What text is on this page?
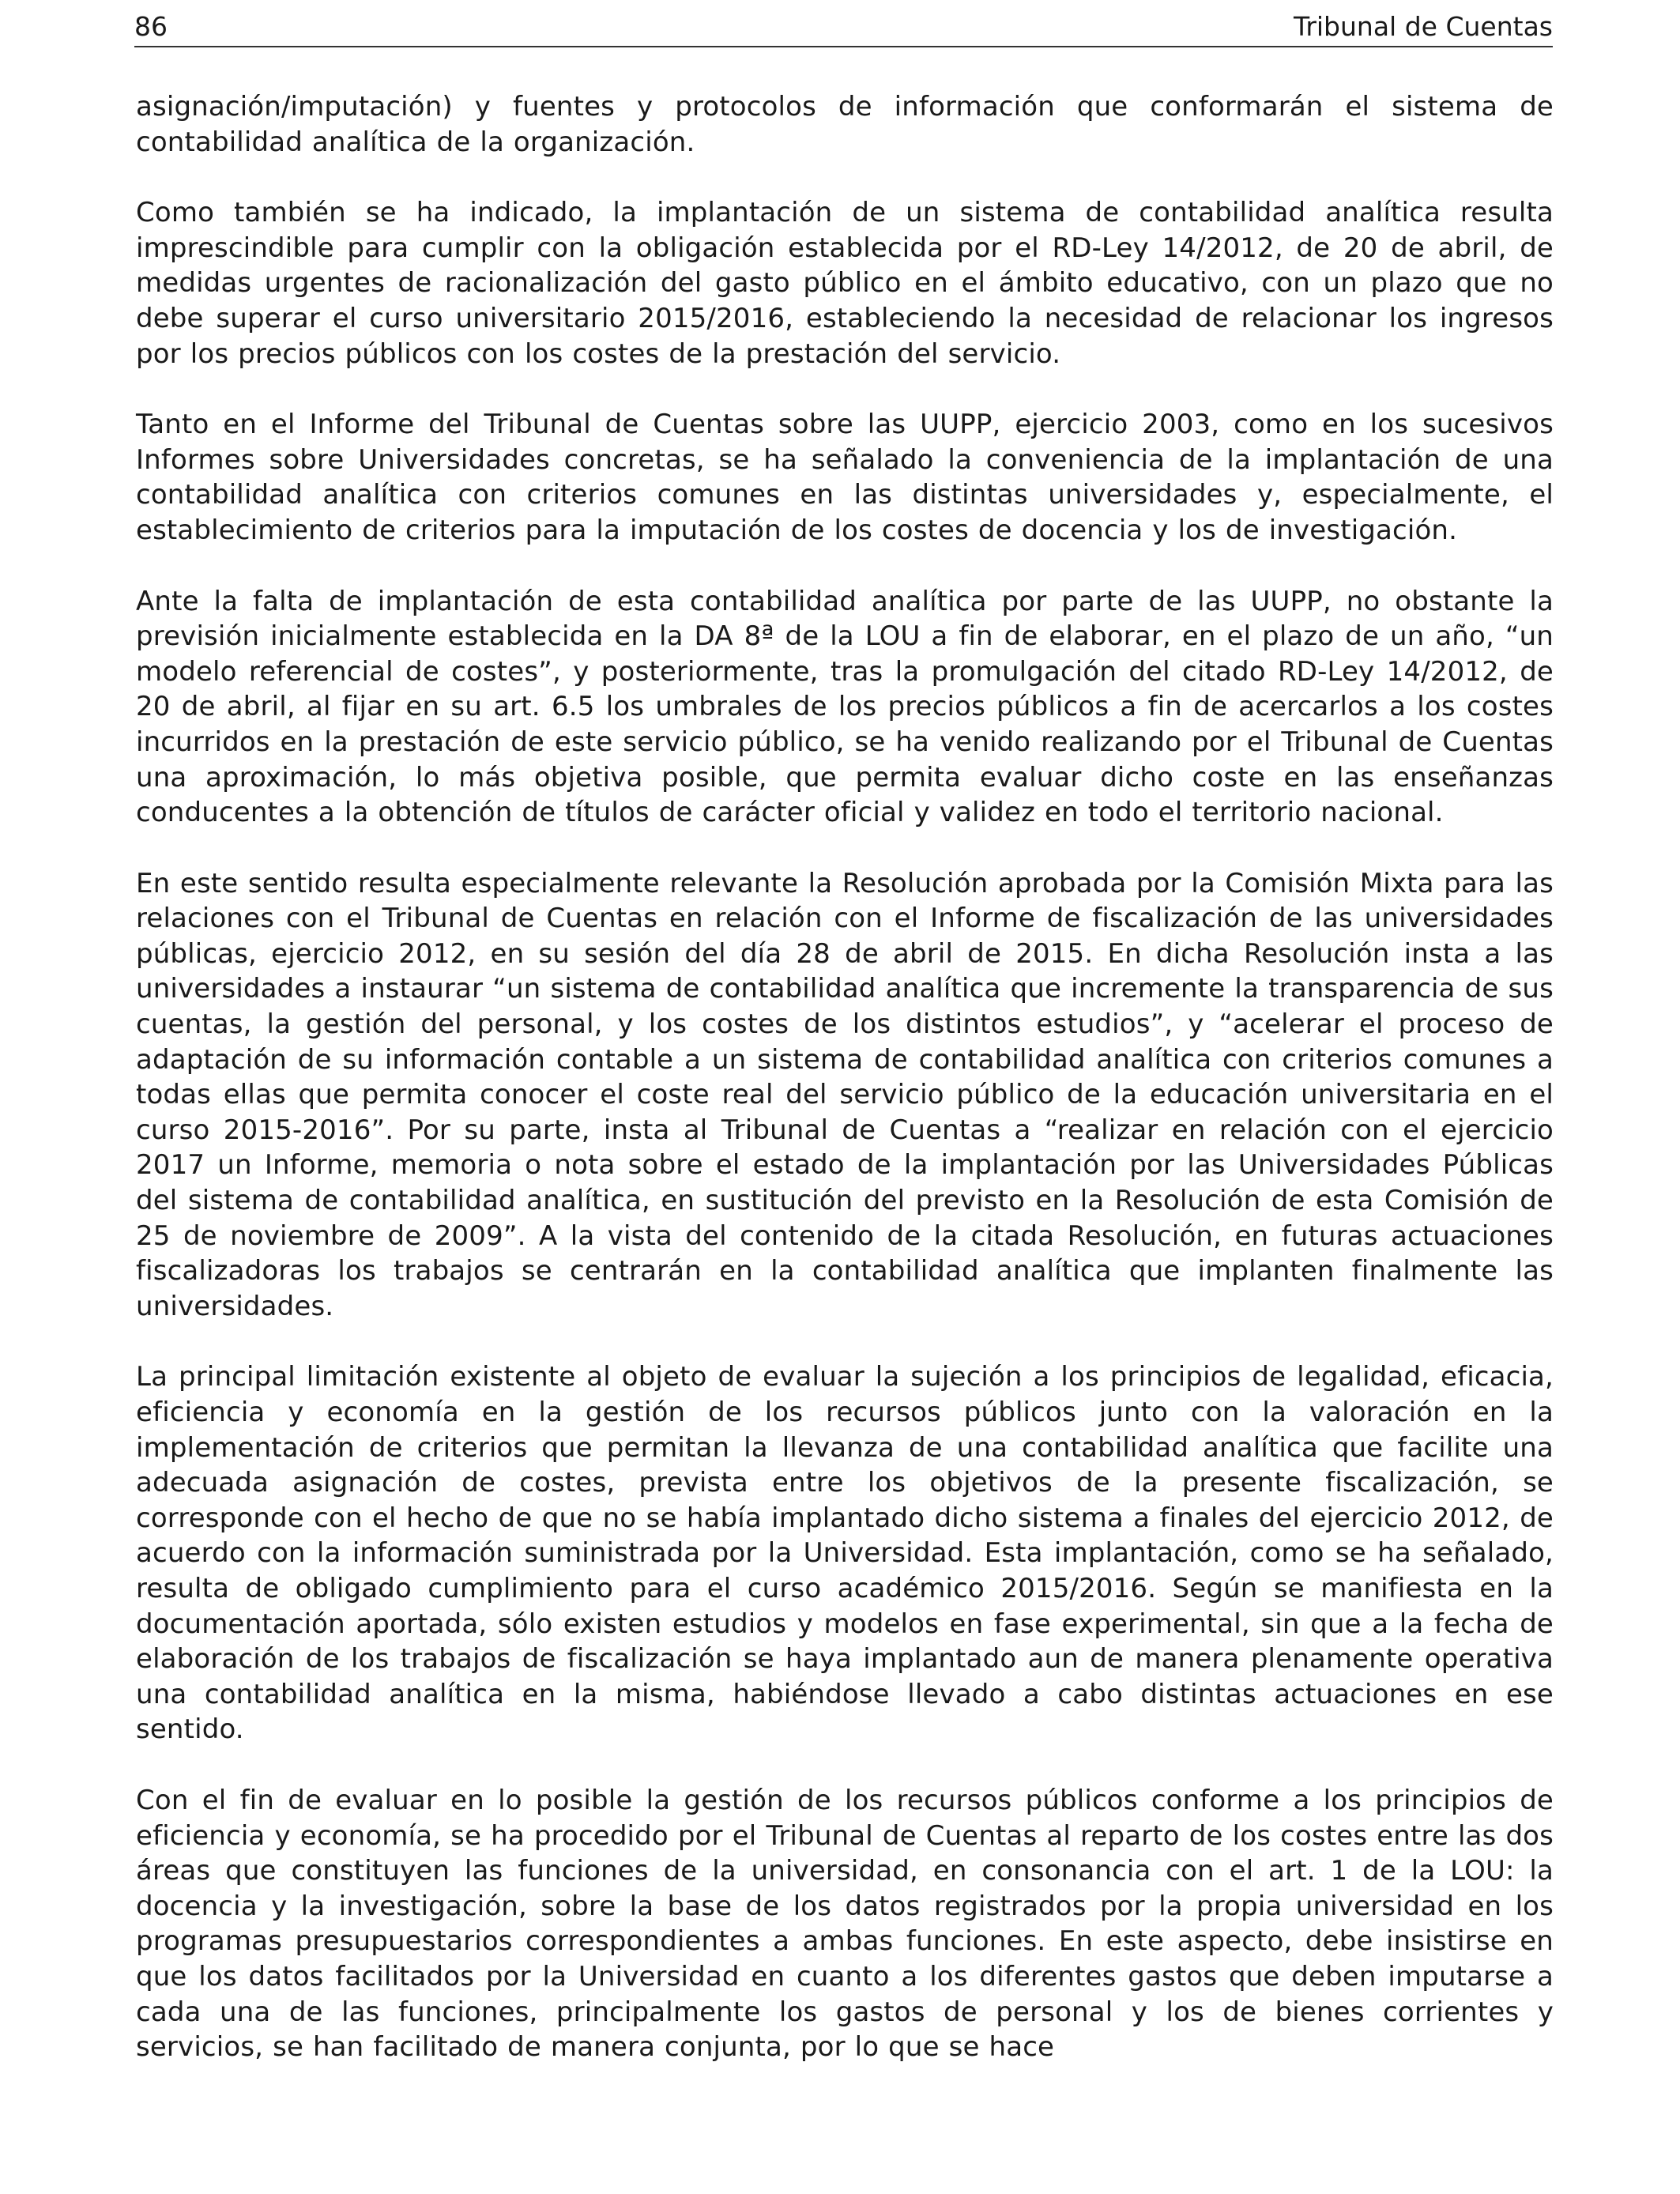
86	Tribunal de Cuentas

asignación/imputación) y fuentes y protocolos de información que conformarán el sistema de contabilidad analítica de la organización.

Como también se ha indicado, la implantación de un sistema de contabilidad analítica resulta imprescindible para cumplir con la obligación establecida por el RD-Ley 14/2012, de 20 de abril, de medidas urgentes de racionalización del gasto público en el ámbito educativo, con un plazo que no debe superar el curso universitario 2015/2016, estableciendo la necesidad de relacionar los ingresos por los precios públicos con los costes de la prestación del servicio.

Tanto en el Informe del Tribunal de Cuentas sobre las UUPP, ejercicio 2003, como en los sucesivos Informes sobre Universidades concretas, se ha señalado la conveniencia de la implantación de una contabilidad analítica con criterios comunes en las distintas universidades y, especialmente, el establecimiento de criterios para la imputación de los costes de docencia y los de investigación.

Ante la falta de implantación de esta contabilidad analítica por parte de las UUPP, no obstante la previsión inicialmente establecida en la DA 8ª de la LOU a fin de elaborar, en el plazo de un año, “un modelo referencial de costes”, y posteriormente, tras la promulgación del citado RD-Ley 14/2012, de 20 de abril, al fijar en su art. 6.5 los umbrales de los precios públicos a fin de acercarlos a los costes incurridos en la prestación de este servicio público, se ha venido realizando por el Tribunal de Cuentas una aproximación, lo más objetiva posible, que permita evaluar dicho coste en las enseñanzas conducentes a la obtención de títulos de carácter oficial y validez en todo el territorio nacional.

En este sentido resulta especialmente relevante la Resolución aprobada por la Comisión Mixta para las relaciones con el Tribunal de Cuentas en relación con el Informe de fiscalización de las universidades públicas, ejercicio 2012, en su sesión del día 28 de abril de 2015. En dicha Resolución insta a las universidades a instaurar “un sistema de contabilidad analítica que incremente la transparencia de sus cuentas, la gestión del personal, y los costes de los distintos estudios”, y “acelerar el proceso de adaptación de su información contable a un sistema de contabilidad analítica con criterios comunes a todas ellas que permita conocer el coste real del servicio público de la educación universitaria en el curso 2015-2016”. Por su parte, insta al Tribunal de Cuentas a “realizar en relación con el ejercicio 2017 un Informe, memoria o nota sobre el estado de la implantación por las Universidades Públicas del sistema de contabilidad analítica, en sustitución del previsto en la Resolución de esta Comisión de 25 de noviembre de 2009”. A la vista del contenido de la citada Resolución, en futuras actuaciones fiscalizadoras los trabajos se centrarán en la contabilidad analítica que implanten finalmente las universidades.

La principal limitación existente al objeto de evaluar la sujeción a los principios de legalidad, eficacia, eficiencia y economía en la gestión de los recursos públicos junto con la valoración en la implementación de criterios que permitan la llevanza de una contabilidad analítica que facilite una adecuada asignación de costes, prevista entre los objetivos de la presente fiscalización, se corresponde con el hecho de que no se había implantado dicho sistema a finales del ejercicio 2012, de acuerdo con la información suministrada por la Universidad. Esta implantación, como se ha señalado, resulta de obligado cumplimiento para el curso académico 2015/2016. Según se manifiesta en la documentación aportada, sólo existen estudios y modelos en fase experimental, sin que a la fecha de elaboración de los trabajos de fiscalización se haya implantado aun de manera plenamente operativa una contabilidad analítica en la misma, habiéndose llevado a cabo distintas actuaciones en ese sentido.

Con el fin de evaluar en lo posible la gestión de los recursos públicos conforme a los principios de eficiencia y economía, se ha procedido por el Tribunal de Cuentas al reparto de los costes entre las dos áreas que constituyen las funciones de la universidad, en consonancia con el art. 1 de la LOU: la docencia y la investigación, sobre la base de los datos registrados por la propia universidad en los programas presupuestarios correspondientes a ambas funciones. En este aspecto, debe insistirse en que los datos facilitados por la Universidad en cuanto a los diferentes gastos que deben imputarse a cada una de las funciones, principalmente los gastos de personal y los de bienes corrientes y servicios, se han facilitado de manera conjunta, por lo que se hace
